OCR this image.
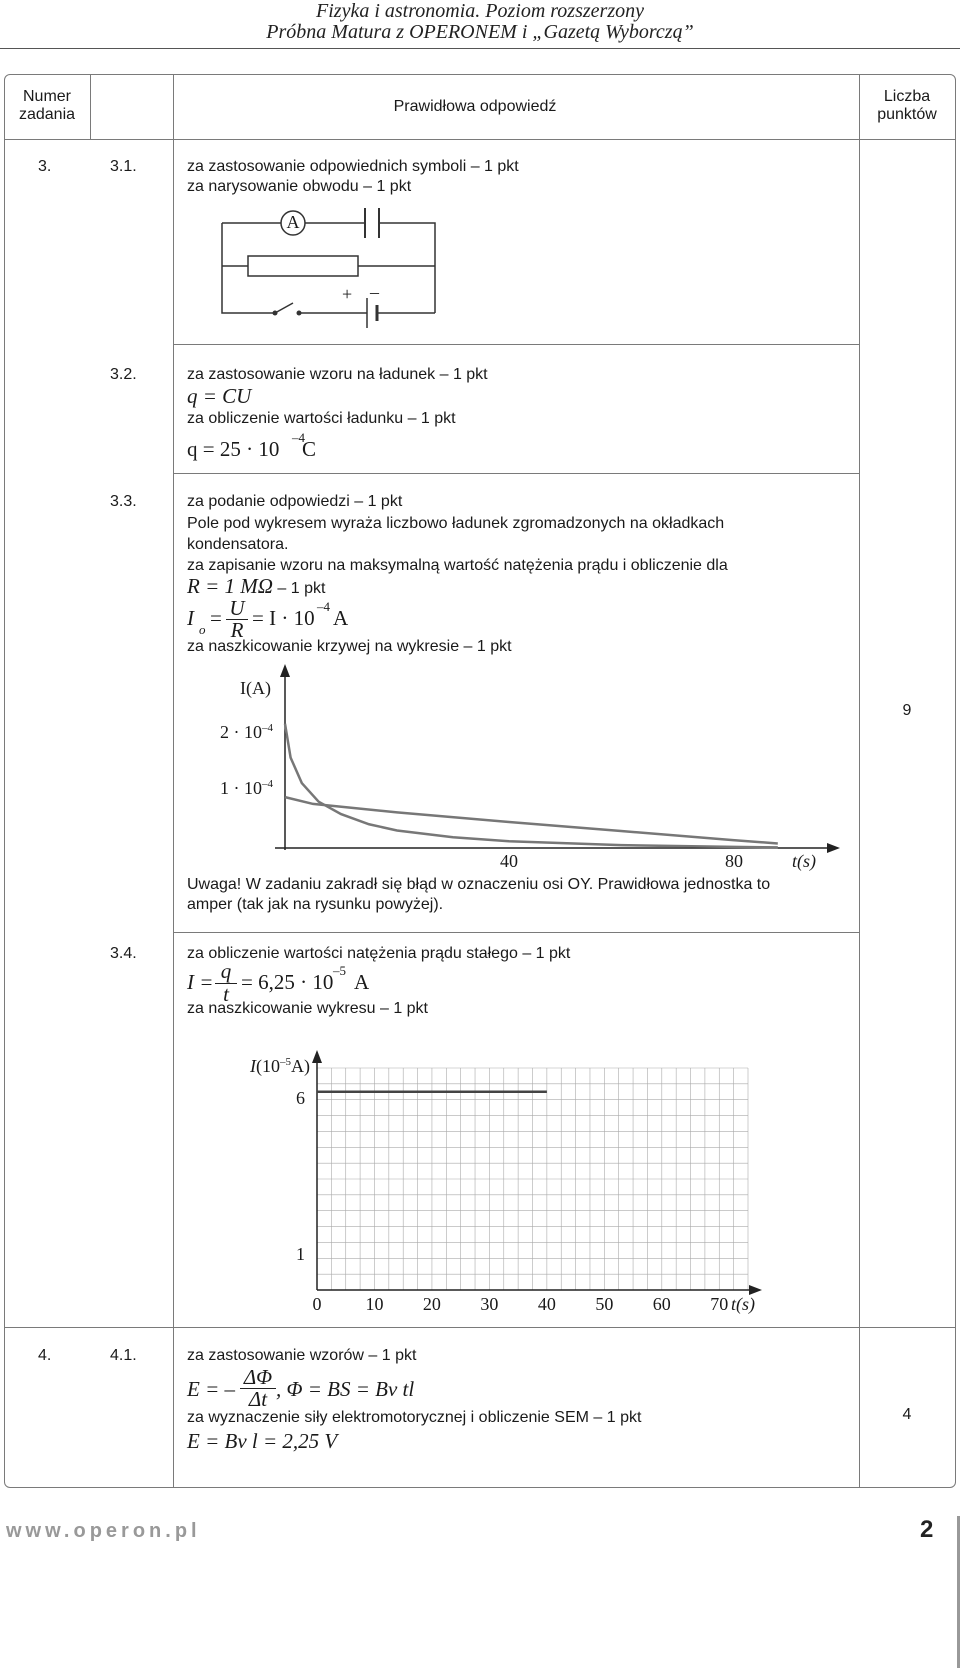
Fizyka i astronomia. Poziom rozszerzony
Próbna Matura z OPERONEM i „Gazetą Wyborczą”
Numer
zadania	Prawidłowa odpowiedź
Liczba
punktów
3.
9
3.1.	za zastosowanie odpowiednich symboli – 1 pkt
za narysowanie obwodu – 1 pkt
A
+ –
3.2.	za zastosowanie wzoru na ładunek – 1 pkt
q = CU
za obliczenie wartości ładunku – 1 pkt
q = 25 · 10 –4
C
3.3.	za podanie odpowiedzi – 1 pkt
Pole pod wykresem wyraża liczbowo ładunek zgromadzonych na okładkach
kondensatora.
za zapisanie wzoru na maksymalną wartość natężenia prądu i obliczenie dla
R = 1 MΩ – 1 pkt
I o = U
R = I · 10 –4 A
za naszkicowanie krzywej na wykresie – 1 pkt
I(A)
$2 \cdot 10^{-4}$
$1 \cdot 10^{-4}$
40	80	t(s)
Uwaga! W zadaniu zakradł się błąd w oznaczeniu osi OY. Prawidłowa jednostka to
amper (tak jak na rysunku powyżej).
3.4.	za obliczenie wartości natężenia prądu stałego – 1 pkt
I = q
t = 6,25 · 10 –5 A
za naszkicowanie wykresu – 1 pkt
$I(10^{-5}A)$
6
1
0	10	20	30	40	50	60	70 t(s)
4.
4
4.1.	za zastosowanie wzorów – 1 pkt
E = – ΔΦ
Δt , Φ = BS = Bv tl
za wyznaczenie siły elektromotorycznej i obliczenie SEM – 1 pkt
E = Bv l = 2,25 V
www.operon.pl	2
